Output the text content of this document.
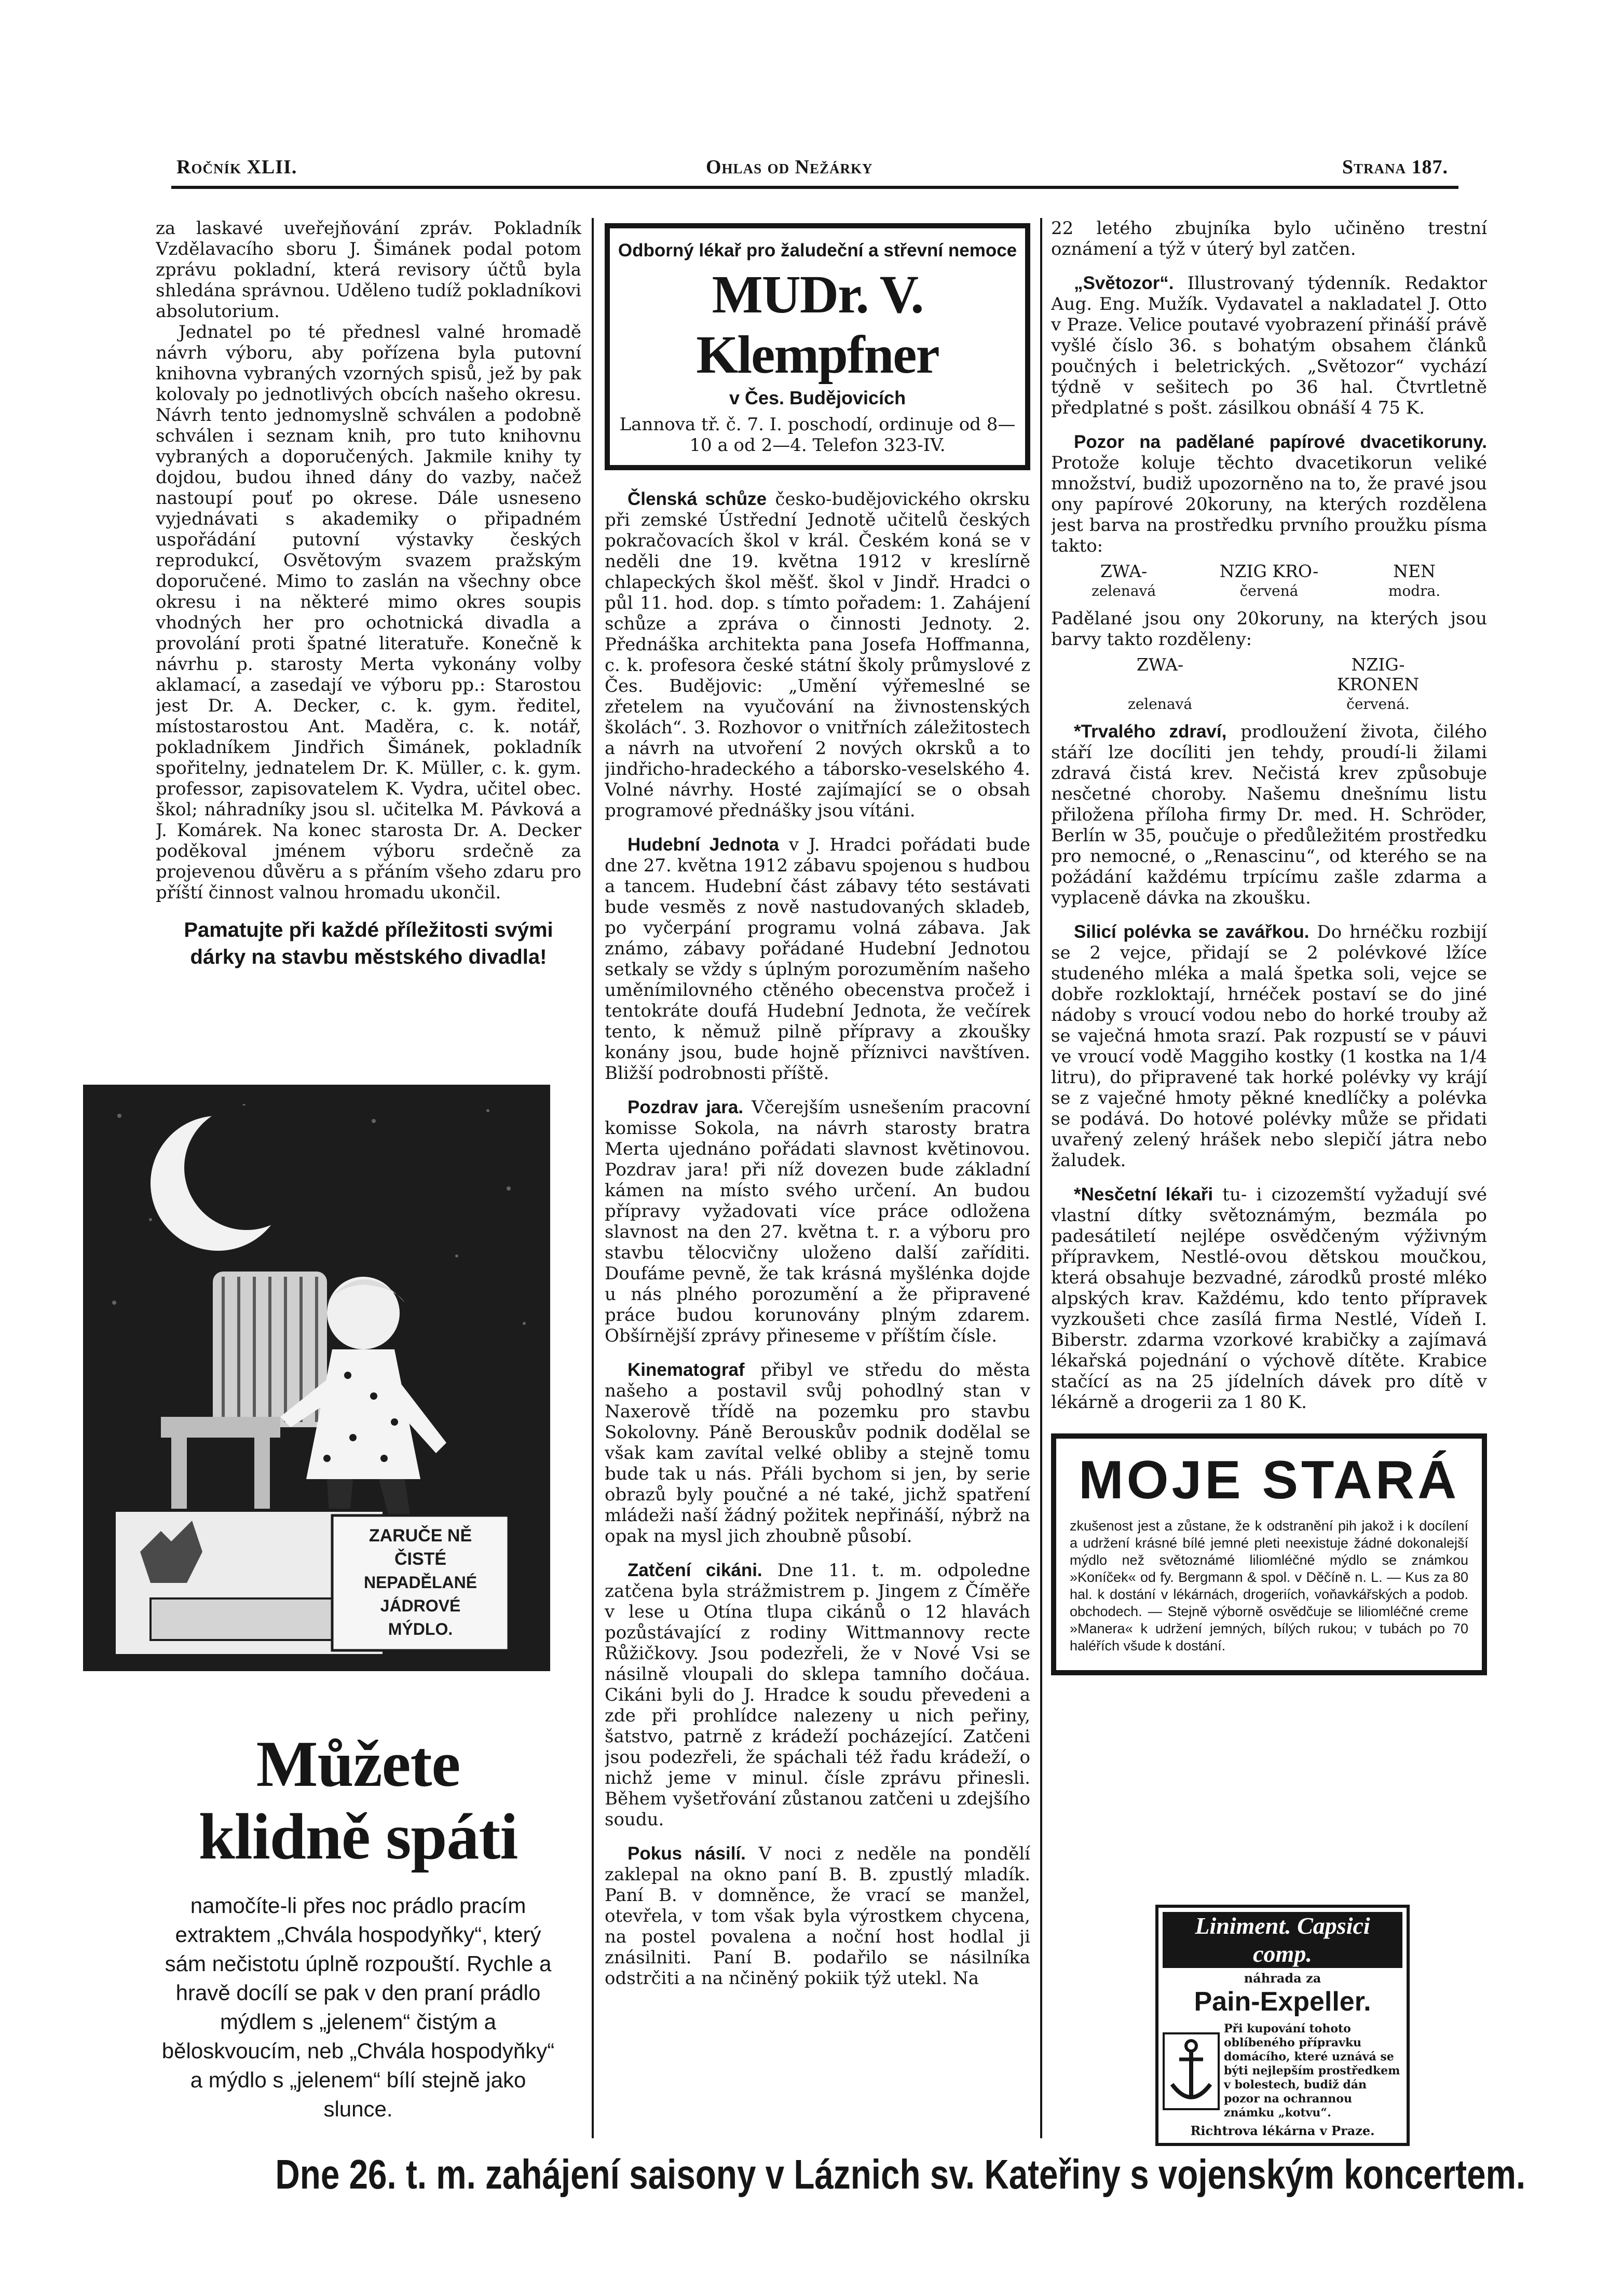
Ročník XLII.	Ohlas od Nežárky	Strana 187.

za laskavé uveřejňování zpráv. Pokladník Vzdělavacího sboru J. Šimánek podal potom zprávu pokladní, která revisory účtů byla shledána správnou. Uděleno tudíž pokladníkovi absolutorium.

Jednatel po té přednesl valné hromadě návrh výboru, aby pořízena byla putovní knihovna vybraných vzorných spisů, jež by pak kolovaly po jednotlivých obcích našeho okresu. Návrh tento jednomyslně schválen a podobně schválen i seznam knih, pro tuto knihovnu vybraných a doporučených. Jakmile knihy ty dojdou, budou ihned dány do vazby, načež nastoupí pouť po okrese. Dále usneseno vyjednávati s akademiky o připadném uspořádání putovní výstavky českých reprodukcí, Osvětovým svazem pražským doporučené. Mimo to zaslán na všechny obce okresu i na některé mimo okres soupis vhodných her pro ochotnická divadla a provolání proti špatné literatuře. Konečně k návrhu p. starosty Merta vykonány volby aklamací, a zasedají ve výboru pp.: Starostou jest Dr. A. Decker, c. k. gym. ředitel, místostarostou Ant. Maděra, c. k. notář, pokladníkem Jindřich Šimánek, pokladník spořitelny, jednatelem Dr. K. Müller, c. k. gym. professor, zapisovatelem K. Vydra, učitel obec. škol; náhradníky jsou sl. učitelka M. Pávková a J. Komárek. Na konec starosta Dr. A. Decker poděkoval jménem výboru srdečně za projevenou důvěru a s přáním všeho zdaru pro příští činnost valnou hromadu ukončil.

Pamatujte při každé příležitosti svými dárky na stavbu městského divadla!
ZARUČE NĚ
ČISTÉ
NEPADĚLANÉ
JÁDROVÉ
MÝDLO.
Můžete
klidně spáti
namočíte-li přes noc prádlo pracím extraktem „Chvála hospodyňky“, který sám nečistotu úplně rozpouští. Rychle a hravě docílí se pak v den praní prádlo mýdlem s „jelenem“ čistým a běloskvoucím, neb „Chvála hospodyňky“ a mýdlo s „jelenem“ bílí stejně jako slunce.
Odborný lékař pro žaludeční a střevní nemoce
MUDr. V. Klempfner
v Čes. Budějovicích
Lannova tř. č. 7. I. poschodí, ordinuje od 8—10 a od 2—4. Telefon 323-IV.

Členská schůze česko-budějovického okrsku při zemské Ústřední Jednotě učitelů českých pokračovacích škol v král. Českém koná se v neděli dne 19. května 1912 v kreslírně chlapeckých škol měšť. škol v Jindř. Hradci o půl 11. hod. dop. s tímto pořadem: 1. Zahájení schůze a zpráva o činnosti Jednoty. 2. Přednáška architekta pana Josefa Hoffmanna, c. k. profesora české státní školy průmyslové z Čes. Budějovic: „Umění výřemeslné se zřetelem na vyučování na živnostenských školách“. 3. Rozhovor o vnitřních záležitostech a návrh na utvoření 2 nových okrsků a to jindřicho-hradeckého a táborsko-veselského 4. Volné návrhy. Hosté zajímající se o obsah programové přednášky jsou vítáni.

Hudební Jednota v J. Hradci pořádati bude dne 27. května 1912 zábavu spojenou s hudbou a tancem. Hudební část zábavy této sestávati bude vesměs z nově nastudovaných skladeb, po vyčerpání programu volná zábava. Jak známo, zábavy pořádané Hudební Jednotou setkaly se vždy s úplným porozuměním našeho uměnímilovného ctěného obecenstva pročež i tentokráte doufá Hudební Jednota, že večírek tento, k němuž pilně přípravy a zkoušky konány jsou, bude hojně příznivci navštíven. Bližší podrobnosti příště.

Pozdrav jara. Včerejším usnešením pracovní komisse Sokola, na návrh starosty bratra Merta ujednáno pořádati slavnost květinovou. Pozdrav jara! při níž dovezen bude základní kámen na místo svého určení. An budou přípravy vyžadovati více práce odložena slavnost na den 27. května t. r. a výboru pro stavbu tělocvičny uloženo další zaříditi. Doufáme pevně, že tak krásná myšlénka dojde u nás plného porozumění a že připravené práce budou korunovány plným zdarem. Obšírnější zprávy přineseme v příštím čísle.

Kinematograf přibyl ve středu do města našeho a postavil svůj pohodlný stan v Naxerově třídě na pozemku pro stavbu Sokolovny. Páně Berouskův podnik dodělal se však kam zavítal velké obliby a stejně tomu bude tak u nás. Přáli bychom si jen, by serie obrazů byly poučné a né také, jichž spatření mládeži naší žádný požitek nepřináší, nýbrž na opak na mysl jich zhoubně působí.

Zatčení cikáni. Dne 11. t. m. odpoledne zatčena byla strážmistrem p. Jingem z Číměře v lese u Otína tlupa cikánů o 12 hlavách pozůstávající z rodiny Wittmannovy recte Růžičkovy. Jsou podezřeli, že v Nové Vsi se násilně vloupali do sklepa tamního dočáua. Cikáni byli do J. Hradce k soudu převedeni a zde při prohlídce nalezeny u nich peřiny, šatstvo, patrně z krádeží pocházející. Zatčeni jsou podezřeli, že spáchali též řadu krádeží, o nichž jeme v minul. čísle zprávu přinesli. Během vyšetřování zůstanou zatčeni u zdejšího soudu.

Pokus násilí. V noci z neděle na pondělí zaklepal na okno paní B. B. zpustlý mladík. Paní B. v domněnce, že vrací se manžel, otevřela, v tom však byla výrostkem chycena, na postel povalena a noční host hodlal ji znásilniti. Paní B. podařilo se násilníka odstrčiti a na nčiněný pokiik týž utekl. Na

22 letého zbujníka bylo učiněno trestní oznámení a týž v úterý byl zatčen.

„Světozor“. Illustrovaný týdenník. Redaktor Aug. Eng. Mužík. Vydavatel a nakladatel J. Otto v Praze. Velice poutavé vyobrazení přináší právě vyšlé číslo 36. s bohatým obsahem článků poučných i beletrických. „Světozor“ vychází týdně v sešitech po 36 hal. Čtvrtletně předplatné s pošt. zásilkou obnáší 4 75 K.

Pozor na padělané papírové dvacetikoruny. Protože koluje těchto dvacetikorun veliké množství, budiž upozorněno na to, že pravé jsou ony papírové 20koruny, na kterých rozdělena jest barva na prostředku prvního proužku písma takto:

ZWA-	NZIG KRO-	NEN
zelenavá	červená	modra.

Padělané jsou ony 20koruny, na kterých jsou barvy takto rozděleny:

ZWA-	NZIG-KRONEN
zelenavá	červená.

*Trvalého zdraví, prodloužení života, čilého stáří lze docíliti jen tehdy, proudí-li žilami zdravá čistá krev. Nečistá krev způsobuje nesčetné choroby. Našemu dnešnímu listu přiložena příloha firmy Dr. med. H. Schröder, Berlín w 35, poučuje o předůležitém prostředku pro nemocné, o „Renascinu“, od kterého se na požádání každému trpícímu zašle zdarma a vyplaceně dávka na zkoušku.

Silicí polévka se zavářkou. Do hrnéčku rozbijí se 2 vejce, přidají se 2 polévkové lžíce studeného mléka a malá špetka soli, vejce se dobře rozkloktají, hrnéček postaví se do jiné nádoby s vroucí vodou nebo do horké trouby až se vaječná hmota srazí. Pak rozpustí se v páuvi ve vroucí vodě Maggiho kostky (1 kostka na 1/4 litru), do připravené tak horké polévky vy krájí se z vaječné hmoty pěkné knedlíčky a polévka se podává. Do hotové polévky může se přidati uvařený zelený hrášek nebo slepičí játra nebo žaludek.

*Nesčetní lékaři tu- i cizozemští vyžadují své vlastní dítky světoznámým, bezmála po padesátiletí nejlépe osvědčeným výživným přípravkem, Nestlé-ovou dětskou moučkou, která obsahuje bezvadné, zárodků prosté mléko alpských krav. Každému, kdo tento přípravek vyzkoušeti chce zasílá firma Nestlé, Vídeň I. Biberstr. zdarma vzorkové krabičky a zajímavá lékařská pojednání o výchově dítěte. Krabice stačící as na 25 jídelních dávek pro dítě v lékárně a drogerii za 1 80 K.

MOJE STARÁ
zkušenost jest a zůstane, že k odstranění pih jakož i k docílení a udržení krásné bílé jemné pleti neexistuje žádné dokonalejší mýdlo než světoznámé liliomléčné mýdlo se známkou »Koníček« od fy. Bergmann & spol. v Děčíně n. L. — Kus za 80 hal. k dostání v lékárnách, drogeriích, voňavkářských a podob. obchodech. — Stejně výborně osvědčuje se liliomléčné creme »Manera« k udržení jemných, bílých rukou; v tubách po 70 haléřích všude k dostání.
Liniment. Capsici comp.
náhrada za
Pain-Expeller.
Při kupování tohoto oblíbeného přípravku domácího, které uznává se býti nejlepším prostředkem v bolestech, budiž dán pozor na ochrannou známku „kotvu“.
Richtrova lékárna v Praze.
Dne 26. t. m. zahájení saisony v Láznich sv. Kateřiny s vojenským koncertem.
